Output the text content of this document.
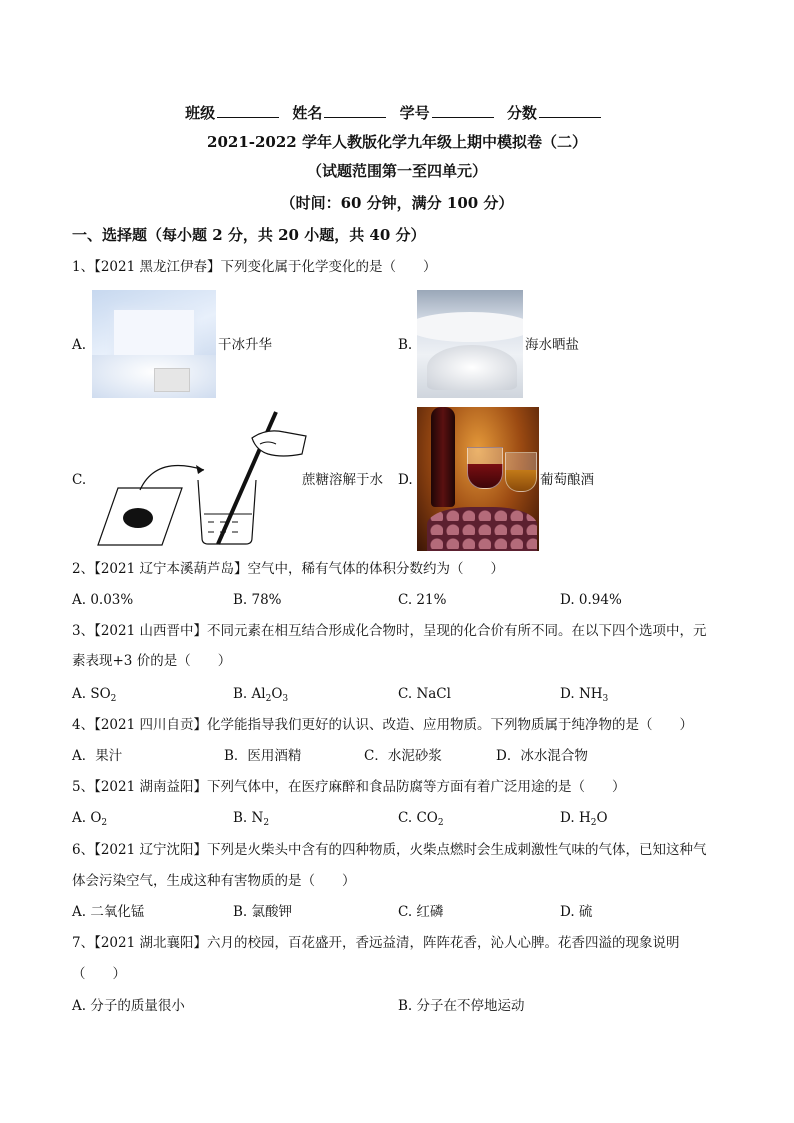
班级	姓名	学号	分数
2021-2022 学年人教版化学九年级上期中模拟卷（二）
（试题范围第一至四单元）
（时间：60 分钟，满分 100 分）
一、选择题（每小题 2 分，共 20 小题，共 40 分）
1、【2021 黑龙江伊春】下列变化属于化学变化的是（　　）
A.	干冰升华	B.	海水晒盐
C.	蔗糖溶解于水 D.	葡萄酿酒
2、【2021 辽宁本溪葫芦岛】空气中，稀有气体的体积分数约为（　　）
A. 0.03%	B. 78%	C. 21%	D. 0.94%
3、【2021 山西晋中】不同元素在相互结合形成化合物时，呈现的化合价有所不同。在以下四个选项中，元
素表现+3 价的是（　　）
A. $SO_2$	B. $Al_2O_3$	C. NaCl	D. $NH_3$
4、【2021 四川自贡】化学能指导我们更好的认识、改造、应用物质。下列物质属于纯净物的是（　　）
A．果汁	B．医用酒精	C．水泥砂浆	D．冰水混合物
5、【2021 湖南益阳】下列气体中，在医疗麻醉和食品防腐等方面有着广泛用途的是（　　）
A. $O_2$	B. $N_2$	C. $CO_2$	D. $H_2O$
6、【2021 辽宁沈阳】下列是火柴头中含有的四种物质，火柴点燃时会生成刺激性气味的气体，已知这种气
体会污染空气，生成这种有害物质的是（　　）
A. 二氧化锰	B. 氯酸钾	C. 红磷	D. 硫
7、【2021 湖北襄阳】六月的校园，百花盛开，香远益清，阵阵花香，沁人心脾。花香四溢的现象说明
（　　）
A. 分子的质量很小	B. 分子在不停地运动
